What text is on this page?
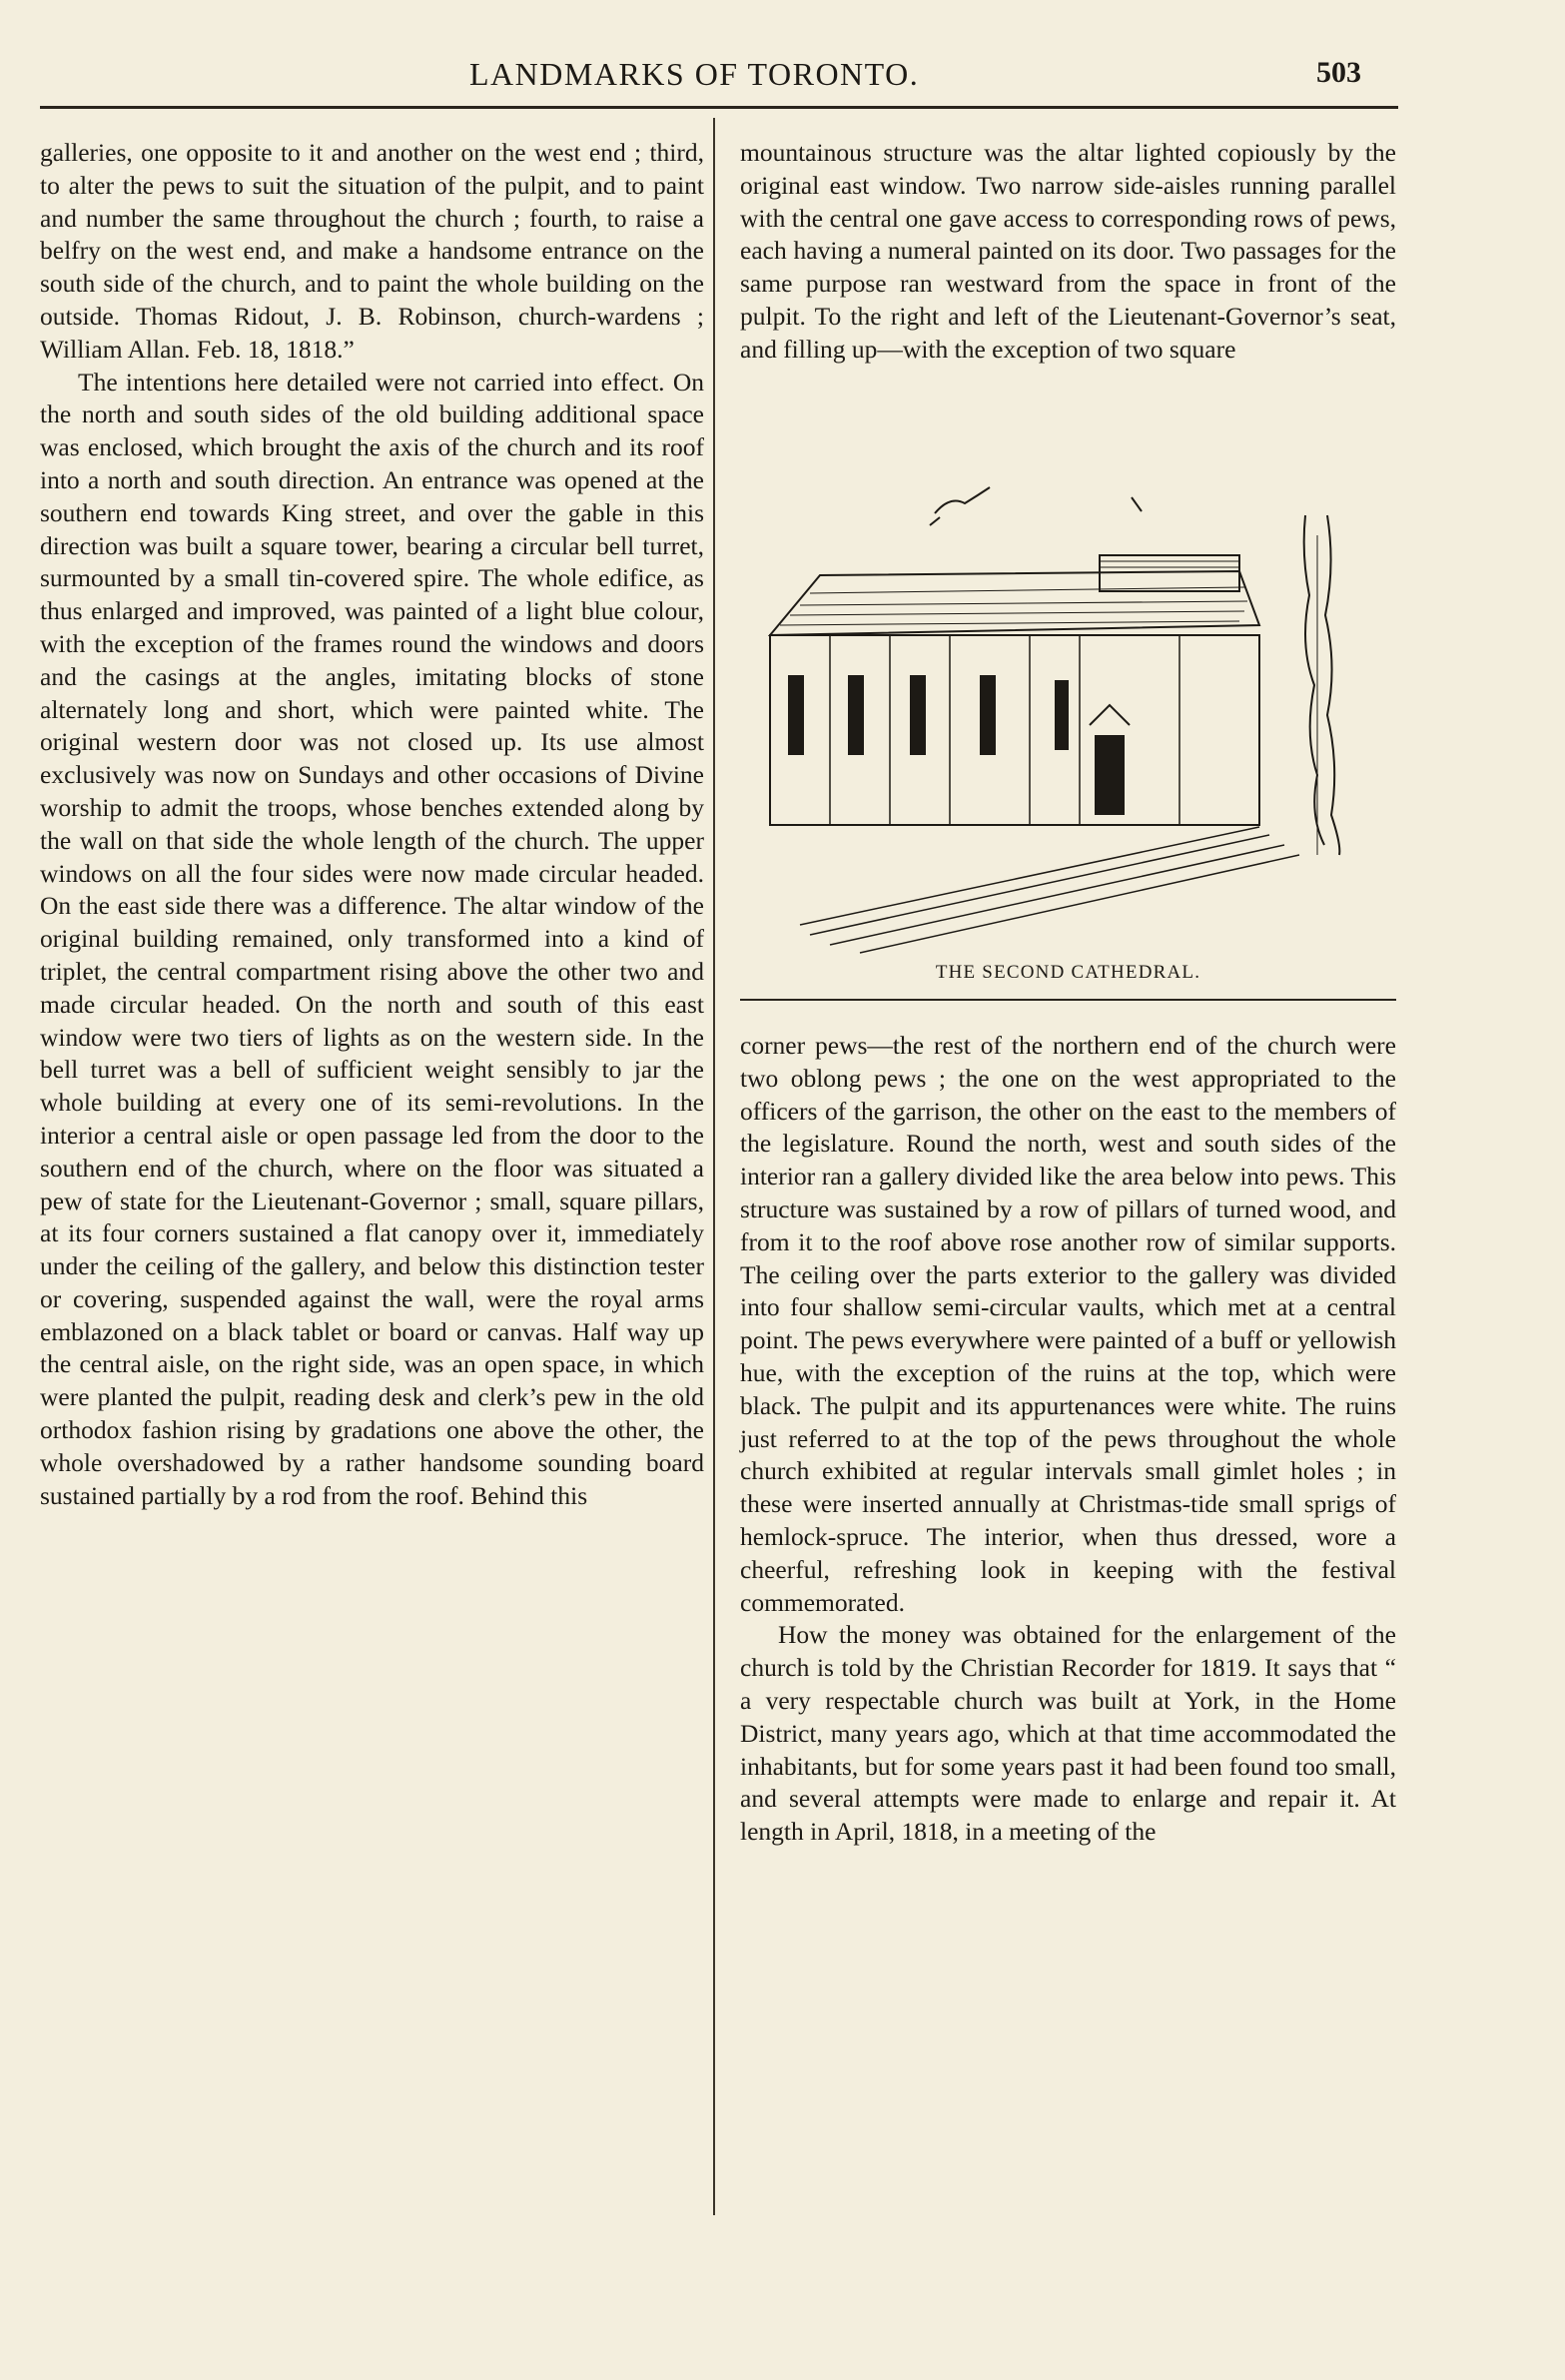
LANDMARKS OF TORONTO.	503

galleries, one opposite to it and another on the west end ; third, to alter the pews to suit the situation of the pulpit, and to paint and number the same throughout the church ; fourth, to raise a belfry on the west end, and make a handsome entrance on the south side of the church, and to paint the whole building on the outside. Thomas Ridout, J. B. Robinson, church-wardens ; William Allan. Feb. 18, 1818.”

The intentions here detailed were not carried into effect. On the north and south sides of the old building additional space was enclosed, which brought the axis of the church and its roof into a north and south direction. An entrance was opened at the southern end towards King street, and over the gable in this direction was built a square tower, bearing a circular bell turret, surmounted by a small tin-covered spire. The whole edifice, as thus enlarged and improved, was painted of a light blue colour, with the exception of the frames round the windows and doors and the casings at the angles, imitating blocks of stone alternately long and short, which were painted white. The original western door was not closed up. Its use almost exclusively was now on Sundays and other occasions of Divine worship to admit the troops, whose benches extended along by the wall on that side the whole length of the church. The upper windows on all the four sides were now made circular headed. On the east side there was a difference. The altar window of the original building remained, only transformed into a kind of triplet, the central compartment rising above the other two and made circular headed. On the north and south of this east window were two tiers of lights as on the western side. In the bell turret was a bell of sufficient weight sensibly to jar the whole building at every one of its semi-revolutions. In the interior a central aisle or open passage led from the door to the southern end of the church, where on the floor was situated a pew of state for the Lieutenant-Governor ; small, square pillars, at its four corners sustained a flat canopy over it, immediately under the ceiling of the gallery, and below this distinction tester or covering, suspended against the wall, were the royal arms emblazoned on a black tablet or board or canvas. Half way up the central aisle, on the right side, was an open space, in which were planted the pulpit, reading desk and clerk’s pew in the old orthodox fashion rising by gradations one above the other, the whole overshadowed by a rather handsome sounding board sustained partially by a rod from the roof. Behind this

mountainous structure was the altar lighted copiously by the original east window. Two narrow side-aisles running parallel with the central one gave access to corresponding rows of pews, each having a numeral painted on its door. Two passages for the same purpose ran westward from the space in front of the pulpit. To the right and left of the Lieutenant-Governor’s seat, and filling up—with the exception of two square

THE SECOND CATHEDRAL.

corner pews—the rest of the northern end of the church were two oblong pews ; the one on the west appropriated to the officers of the garrison, the other on the east to the members of the legislature. Round the north, west and south sides of the interior ran a gallery divided like the area below into pews. This structure was sustained by a row of pillars of turned wood, and from it to the roof above rose another row of similar supports. The ceiling over the parts exterior to the gallery was divided into four shallow semi-circular vaults, which met at a central point. The pews everywhere were painted of a buff or yellowish hue, with the exception of the ruins at the top, which were black. The pulpit and its appurtenances were white. The ruins just referred to at the top of the pews throughout the whole church exhibited at regular intervals small gimlet holes ; in these were inserted annually at Christmas-tide small sprigs of hemlock-spruce. The interior, when thus dressed, wore a cheerful, refreshing look in keeping with the festival commemorated.

How the money was obtained for the enlargement of the church is told by the Christian Recorder for 1819. It says that “ a very respectable church was built at York, in the Home District, many years ago, which at that time accommodated the inhabitants, but for some years past it had been found too small, and several attempts were made to enlarge and repair it. At length in April, 1818, in a meeting of the
